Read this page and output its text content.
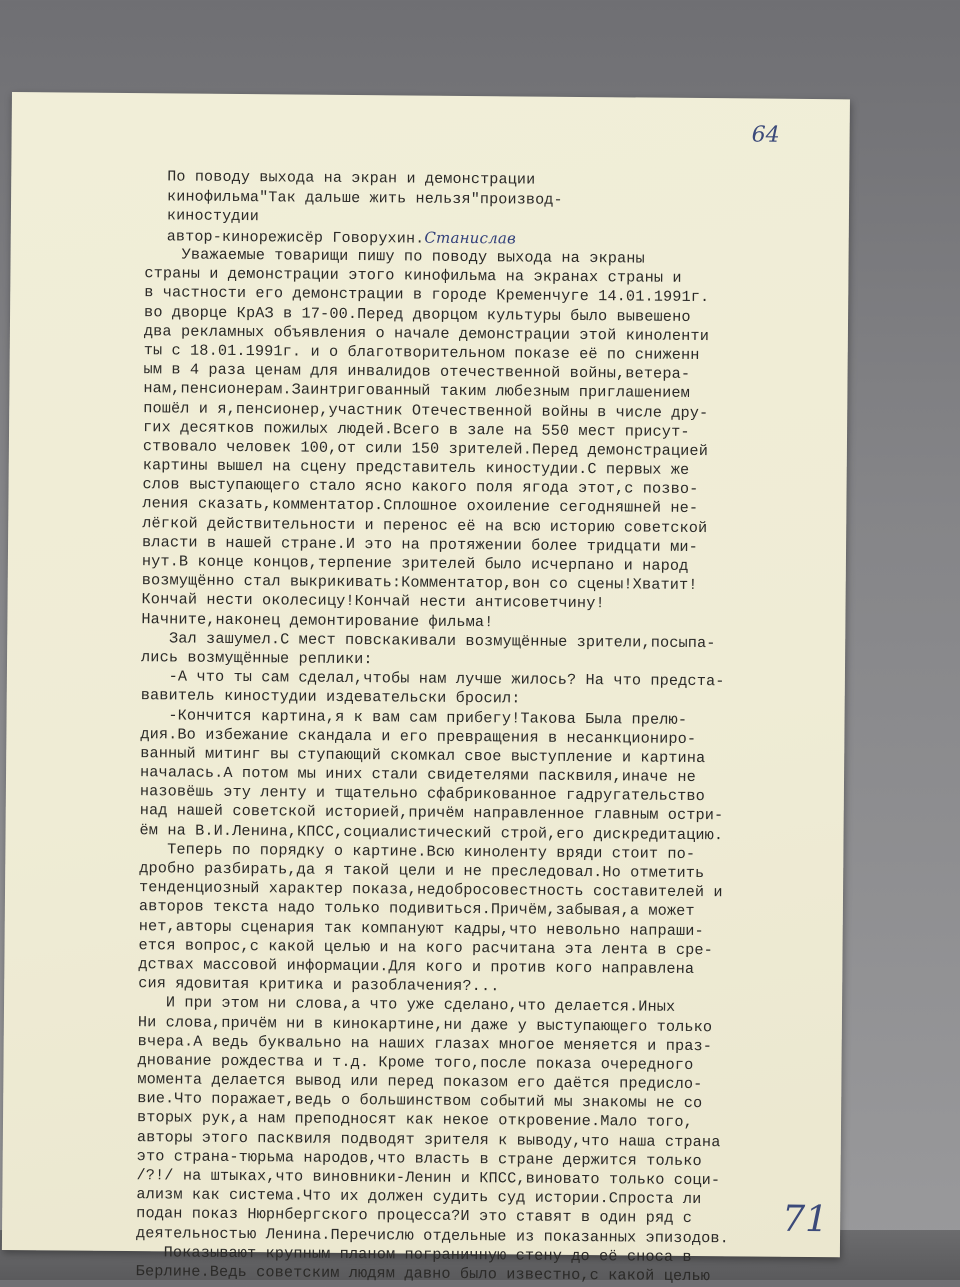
64
По поводу выхода на экран и демонстрации
кинофильма"Так дальше жить нельзя"производ-
киностудии
автор-кинорежисёр Говорухин.Станислав
Уважаемые товарищи пишу по поводу выхода на экраны
страны и демонстрации этого кинофильма на экранах страны и
в частности его демонстрации в городе Кременчуге 14.01.1991г.
во дворце КрАЗ в 17-00.Перед дворцом культуры было вывешено
два рекламных объявления о начале демонстрации этой киноленти
ты с 18.01.1991г. и о благотворительном показе её по сниженн
ым в 4 раза ценам для инвалидов отечественной войны,ветера-
нам,пенсионерам.Заинтригованный таким любезным приглашением
пошёл и я,пенсионер,участник Отечественной войны в числе дру-
гих десятков пожилых людей.Всего в зале на 550 мест присут-
ствовало человек 100,от сили 150 зрителей.Перед демонстрацией
картины вышел на сцену представитель киностудии.С первых же
слов выступающего стало ясно какого поля ягода этот,с позво-
ления сказать,комментатор.Сплошное охоиление сегодняшней не-
лёгкой действительности и перенос её на всю историю советской
власти в нашей стране.И это на протяжении более тридцати ми-
нут.В конце концов,терпение зрителей было исчерпано и народ
возмущённо стал выкрикивать:Комментатор,вон со сцены!Хватит!
Кончай нести околесицу!Кончай нести антисоветчину!
Начните,наконец демонтирование фильма!
Зал зашумел.С мест повскакивали возмущённые зрители,посыпа-
лись возмущённые реплики:
-А что ты сам сделал,чтобы нам лучше жилось? На что предста-
вавитель киностудии издевательски бросил:
-Кончится картина,я к вам сам прибегу!Такова Была прелю-
дия.Во избежание скандала и его превращения в несанкциониро-
ванный митинг вы ступающий скомкал свое выступление и картина
началась.А потом мы иних стали свидетелями пасквиля,иначе не
назовёшь эту ленту и тщательно сфабрикованное гадругательство
над нашей советской историей,причём направленное главным остри-
ём на В.И.Ленина,КПСС,социалистический строй,его дискредитацию.
Теперь по порядку о картине.Всю киноленту вряди стоит по-
дробно разбирать,да я такой цели и не преследовал.Но отметить
тенденциозный характер показа,недобросовестность составителей и
авторов текста надо только подивиться.Причём,забывая,а может
нет,авторы сценария так компануют кадры,что невольно напраши-
ется вопрос,с какой целью и на кого расчитана эта лента в сре-
дствах массовой информации.Для кого и против кого направлена
сия ядовитая критика и разоблачения?...
И при этом ни слова,а что уже сделано,что делается.Иных
Ни слова,причём ни в кинокартине,ни даже у выступающего только
вчера.А ведь буквально на наших глазах многое меняется и праз-
днование рождества и т.д. Кроме того,после показа очередного
момента делается вывод или перед показом его даётся предисло-
вие.Что поражает,ведь о большинством событий мы знакомы не со
вторых рук,а нам преподносят как некое откровение.Мало того,
авторы этого пасквиля подводят зрителя к выводу,что наша страна
это страна-тюрьма народов,что власть в стране держится только
/?!/ на штыках,что виновники-Ленин и КПСС,виновато только соци-
ализм как система.Что их должен судить суд истории.Спроста ли
подан показ Нюрнбергского процесса?И это ставят в один ряд с
деятельностью Ленина.Перечислю отдельные из показанных эпизодов.
Показывают крупным планом пограничную стену до её сноса в
Берлине.Ведь советским людям давно было известно,с какой целью
71
